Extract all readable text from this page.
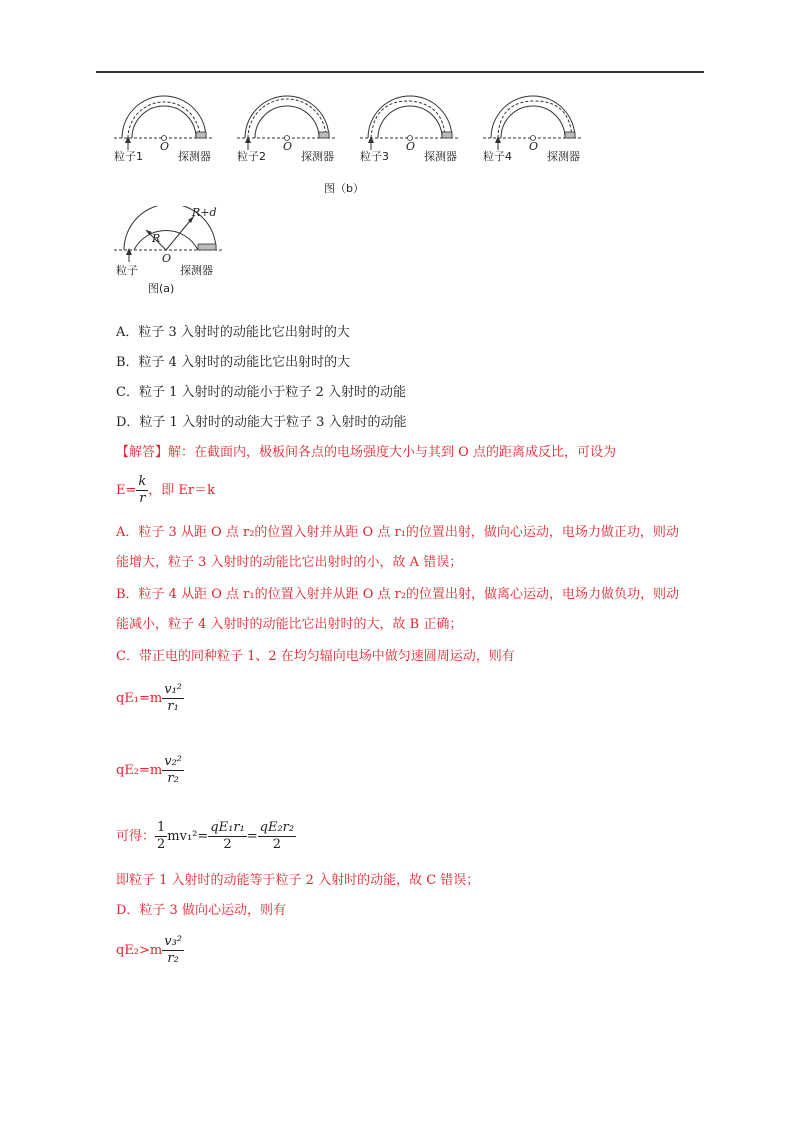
粒子1	探测器
O
粒子2	探测器
O
粒子3	探测器
O
粒子4	探测器
O
图（b）
R
R+d
O
粒子	探测器
图(a)
A．粒子 3 入射时的动能比它出射时的大
B．粒子 4 入射时的动能比它出射时的大
C．粒子 1 入射时的动能小于粒子 2 入射时的动能
D．粒子 1 入射时的动能大于粒子 3 入射时的动能
【解答】解：在截面内，极板间各点的电场强度大小与其到 O 点的距离成反比，可设为
$E= \frac{k}{r}$ ，即 Er＝k
A．粒子 3 从距 O 点 r₂的位置入射并从距 O 点 r₁的位置出射，做向心运动，电场力做正功，则动
能增大，粒子 3 入射时的动能比它出射时的小，故 A 错误；
B．粒子 4 从距 O 点 r₁的位置入射并从距 O 点 r₂的位置出射，做离心运动，电场力做负功，则动
能减小，粒子 4 入射时的动能比它出射时的大，故 B 正确；
C．带正电的同种粒子 1、2 在均匀辐向电场中做匀速圆周运动，则有
$qE_1=m \frac{\text{v₁²}}{\text{r₁}}$
$qE_2=m \frac{\text{v₂²}}{\text{r₂}}$
可得： $\frac{1}{2} mv_1^2= \frac{\text{qE₁r₁}}{2} = \frac{\text{qE₂r₂}}{2}$
即粒子 1 入射时的动能等于粒子 2 入射时的动能，故 C 错误；
D．粒子 3 做向心运动，则有
$qE_2>m \frac{\text{v₃²}}{\text{r₂}}$
